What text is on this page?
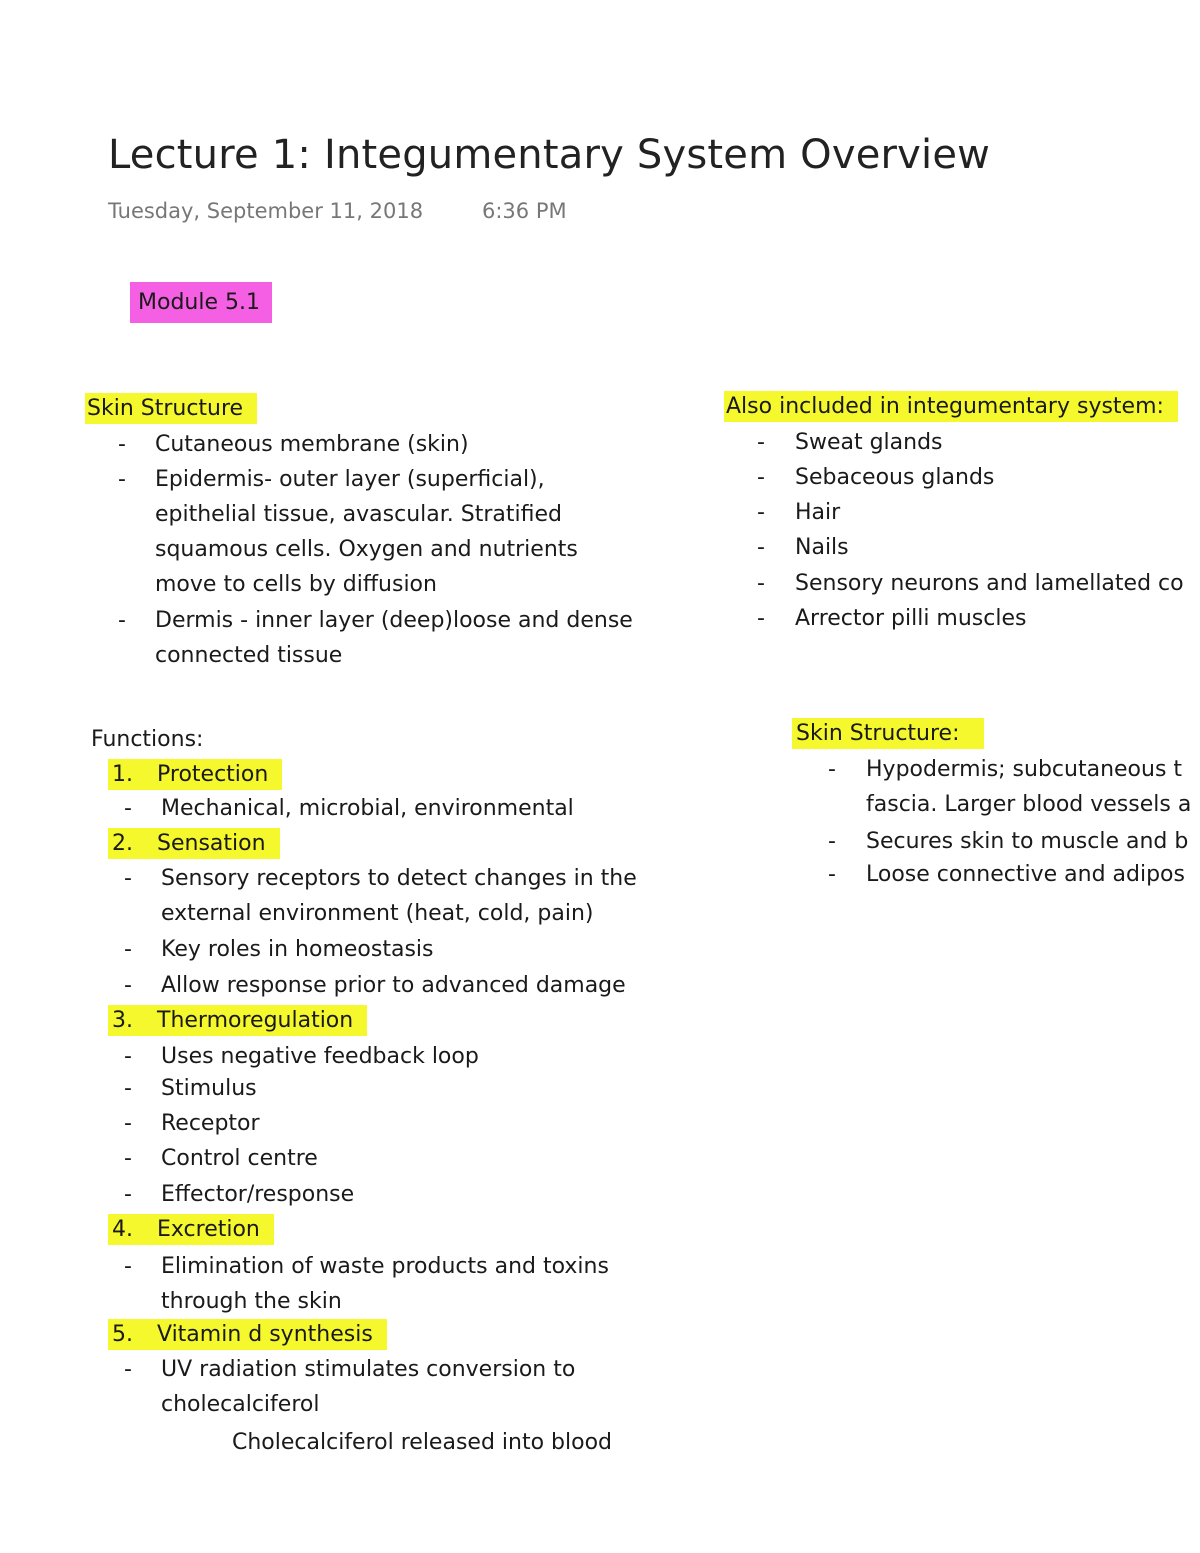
Lecture 1: Integumentary System Overview
Tuesday, September 11, 2018	6:36 PM
Module 5.1
Skin Structure
- Cutaneous membrane (skin)
- Epidermis- outer layer (superficial),
epithelial tissue, avascular. Stratified
squamous cells. Oxygen and nutrients
move to cells by diffusion
- Dermis - inner layer (deep)loose and dense
connected tissue
Functions:
1. Protection
- Mechanical, microbial, environmental
2. Sensation
- Sensory receptors to detect changes in the
external environment (heat, cold, pain)
- Key roles in homeostasis
- Allow response prior to advanced damage
3. Thermoregulation
- Uses negative feedback loop
- Stimulus
- Receptor
- Control centre
- Effector/response
4. Excretion
- Elimination of waste products and toxins
through the skin
5. Vitamin d synthesis
- UV radiation stimulates conversion to
cholecalciferol
Cholecalciferol released into blood
Also included in integumentary system:
- Sweat glands
- Sebaceous glands
- Hair
- Nails
- Sensory neurons and lamellated co
- Arrector pilli muscles
Skin Structure:
- Hypodermis; subcutaneous t
fascia. Larger blood vessels a
- Secures skin to muscle and b
- Loose connective and adipos
